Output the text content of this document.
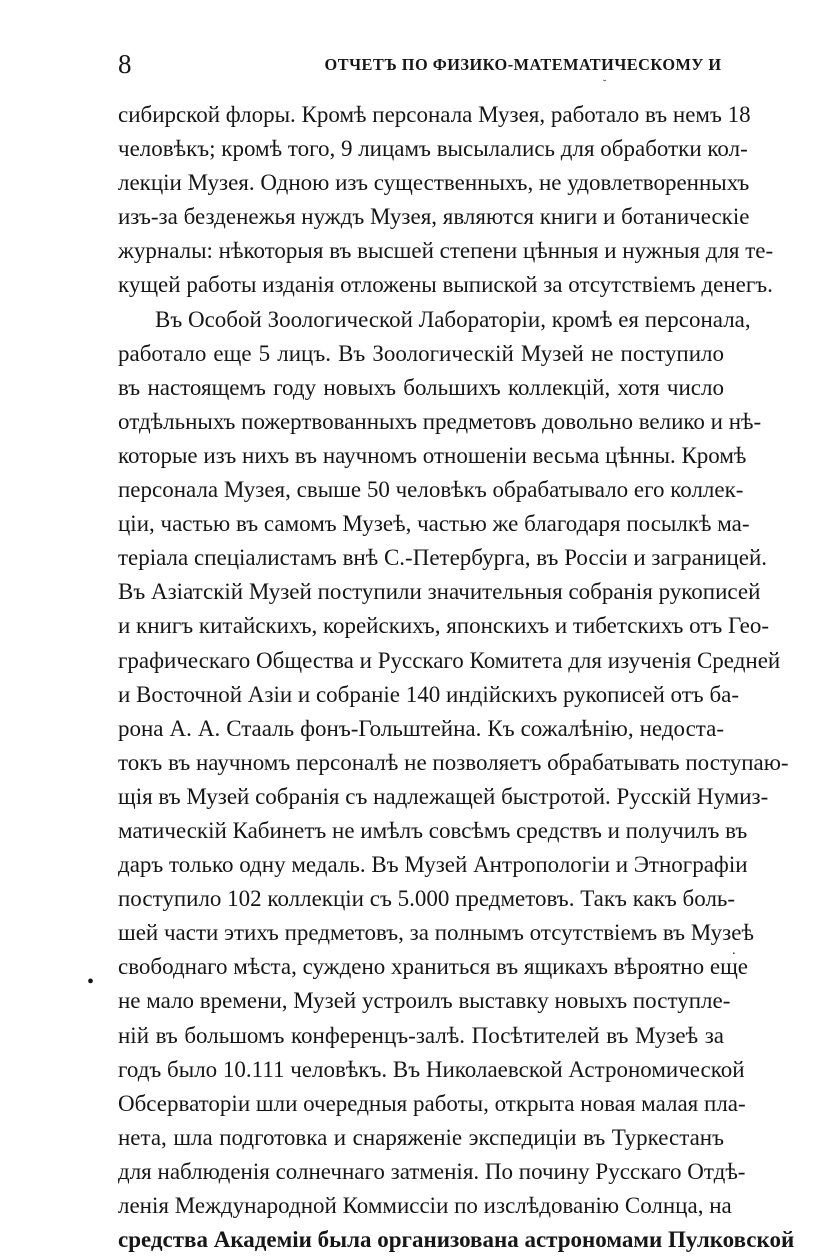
8	ОТЧЕТЪ ПО ФИЗИКО-МАТЕМАТИЧЕСКОМУ И
˘
сибирской флоры. Кромѣ персонала Музея, работало въ немъ 18
человѣкъ; кромѣ того, 9 лицамъ высылались для обработки кол-
лекціи Музея. Одною изъ существенныхъ, не удовлетворенныхъ
изъ-за безденежья нуждъ Музея, являются книги и ботаническіе
журналы: нѣкоторыя въ высшей степени цѣнныя и нужныя для те-
кущей работы изданія отложены выпиской за отсутствіемъ денегъ.
Въ Особой Зоологической Лабораторіи, кромѣ ея персонала,
работало еще 5 лицъ. Въ Зоологическій Музей не поступило
въ настоящемъ году новыхъ большихъ коллекцій, хотя число
отдѣльныхъ пожертвованныхъ предметовъ довольно велико и нѣ-
которые изъ нихъ въ научномъ отношеніи весьма цѣнны. Кромѣ
персонала Музея, свыше 50 человѣкъ обрабатывало его коллек-
ціи, частью въ самомъ Музеѣ, частью же благодаря посылкѣ ма-
теріала спеціалистамъ внѣ С.-Петербурга, въ Россіи и заграницей.
Въ Азіатскій Музей поступили значительныя собранія рукописей
и книгъ китайскихъ, корейскихъ, японскихъ и тибетскихъ отъ Гео-
графическаго Общества и Русскаго Комитета для изученія Средней
и Восточной Азіи и собраніе 140 индійскихъ рукописей отъ ба-
рона А. А. Стааль фонъ-Гольштейна. Къ сожалѣнію, недоста-
токъ въ научномъ персоналѣ не позволяетъ обрабатывать поступаю-
щія въ Музей собранія съ надлежащей быстротой. Русскій Нумиз-
матическій Кабинетъ не имѣлъ совсѣмъ средствъ и получилъ въ
даръ только одну медаль. Въ Музей Антропологіи и Этнографіи
поступило 102 коллекціи съ 5.000 предметовъ. Такъ какъ боль-
шей части этихъ предметовъ, за полнымъ отсутствіемъ въ Музеѣ
свободнаго мѣста, суждено храниться въ ящикахъ вѣроятно еще
не мало времени, Музей устроилъ выставку новыхъ поступле-
ній въ большомъ конференцъ-залѣ. Посѣтителей въ Музеѣ за
годъ было 10.111 человѣкъ. Въ Николаевской Астрономической
Обсерваторіи шли очередныя работы, открыта новая малая пла-
нета, шла подготовка и снаряженіе экспедиціи въ Туркестанъ
для наблюденія солнечнаго затменія. По почину Русскаго Отдѣ-
ленія Международной Коммиссіи по изслѣдованію Солнца, на
средства Академіи была организована астрономами Пулковской
•
.
